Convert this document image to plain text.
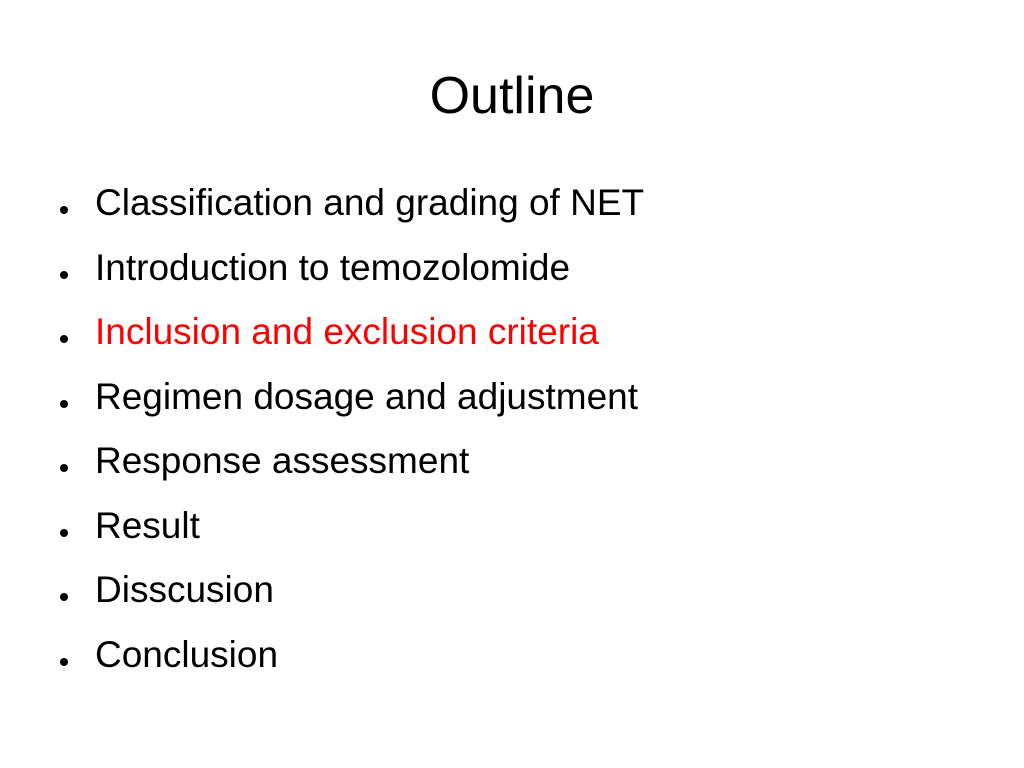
Outline
Classification and grading of NET
Introduction to temozolomide
Inclusion and exclusion criteria
Regimen dosage and adjustment
Response assessment
Result
Disscusion
Conclusion
